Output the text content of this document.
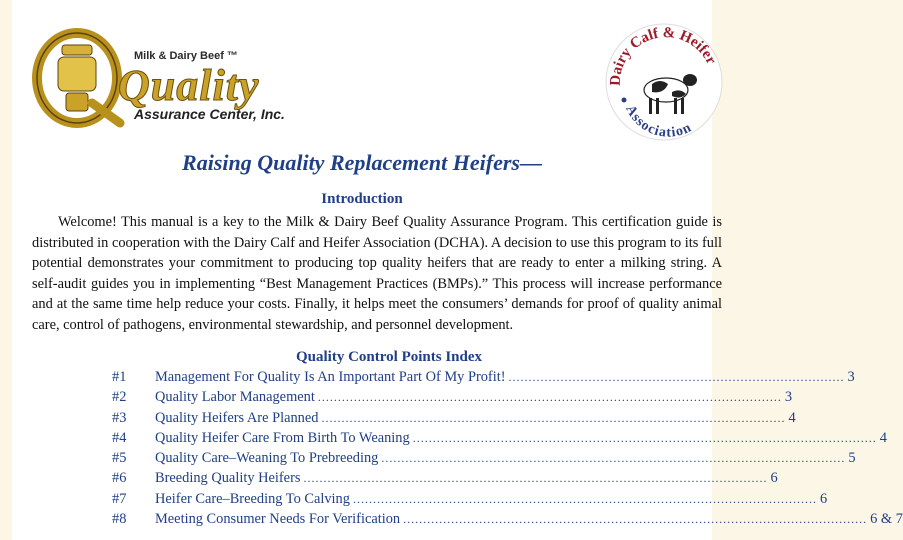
Milk & Dairy Beef ™
Quality
Assurance Center, Inc.
Dairy Calf & Heifer
Association
Raising Quality Replacement Heifers—
Introduction
Welcome! This manual is a key to the Milk & Dairy Beef Quality Assurance Program. This certification guide is distributed in cooperation with the Dairy Calf and Heifer Association (DCHA). A decision to use this program to its full potential demonstrates your commitment to producing top quality heifers that are ready to enter a milking string. A self-audit guides you in implementing “Best Management Practices (BMPs).” This process will increase performance and at the same time help reduce your costs. Finally, it helps meet the consumers’ demands for proof of quality animal care, control of pathogens, environmental stewardship, and personnel development.
Quality Control Points Index
#1	Management For Quality Is An Important Part Of My Profit! .................................................................................... 3
#2	Quality Labor Management .................................................................................................................... 3
#3	Quality Heifers Are Planned .................................................................................................................... 4
#4	Quality Heifer Care From Birth To Weaning .................................................................................................................... 4
#5	Quality Care–Weaning To Prebreeding .................................................................................................................... 5
#6	Breeding Quality Heifers .................................................................................................................... 6
#7	Heifer Care–Breeding To Calving .................................................................................................................... 6
#8	Meeting Consumer Needs For Verification .................................................................................................................... 6 & 7
